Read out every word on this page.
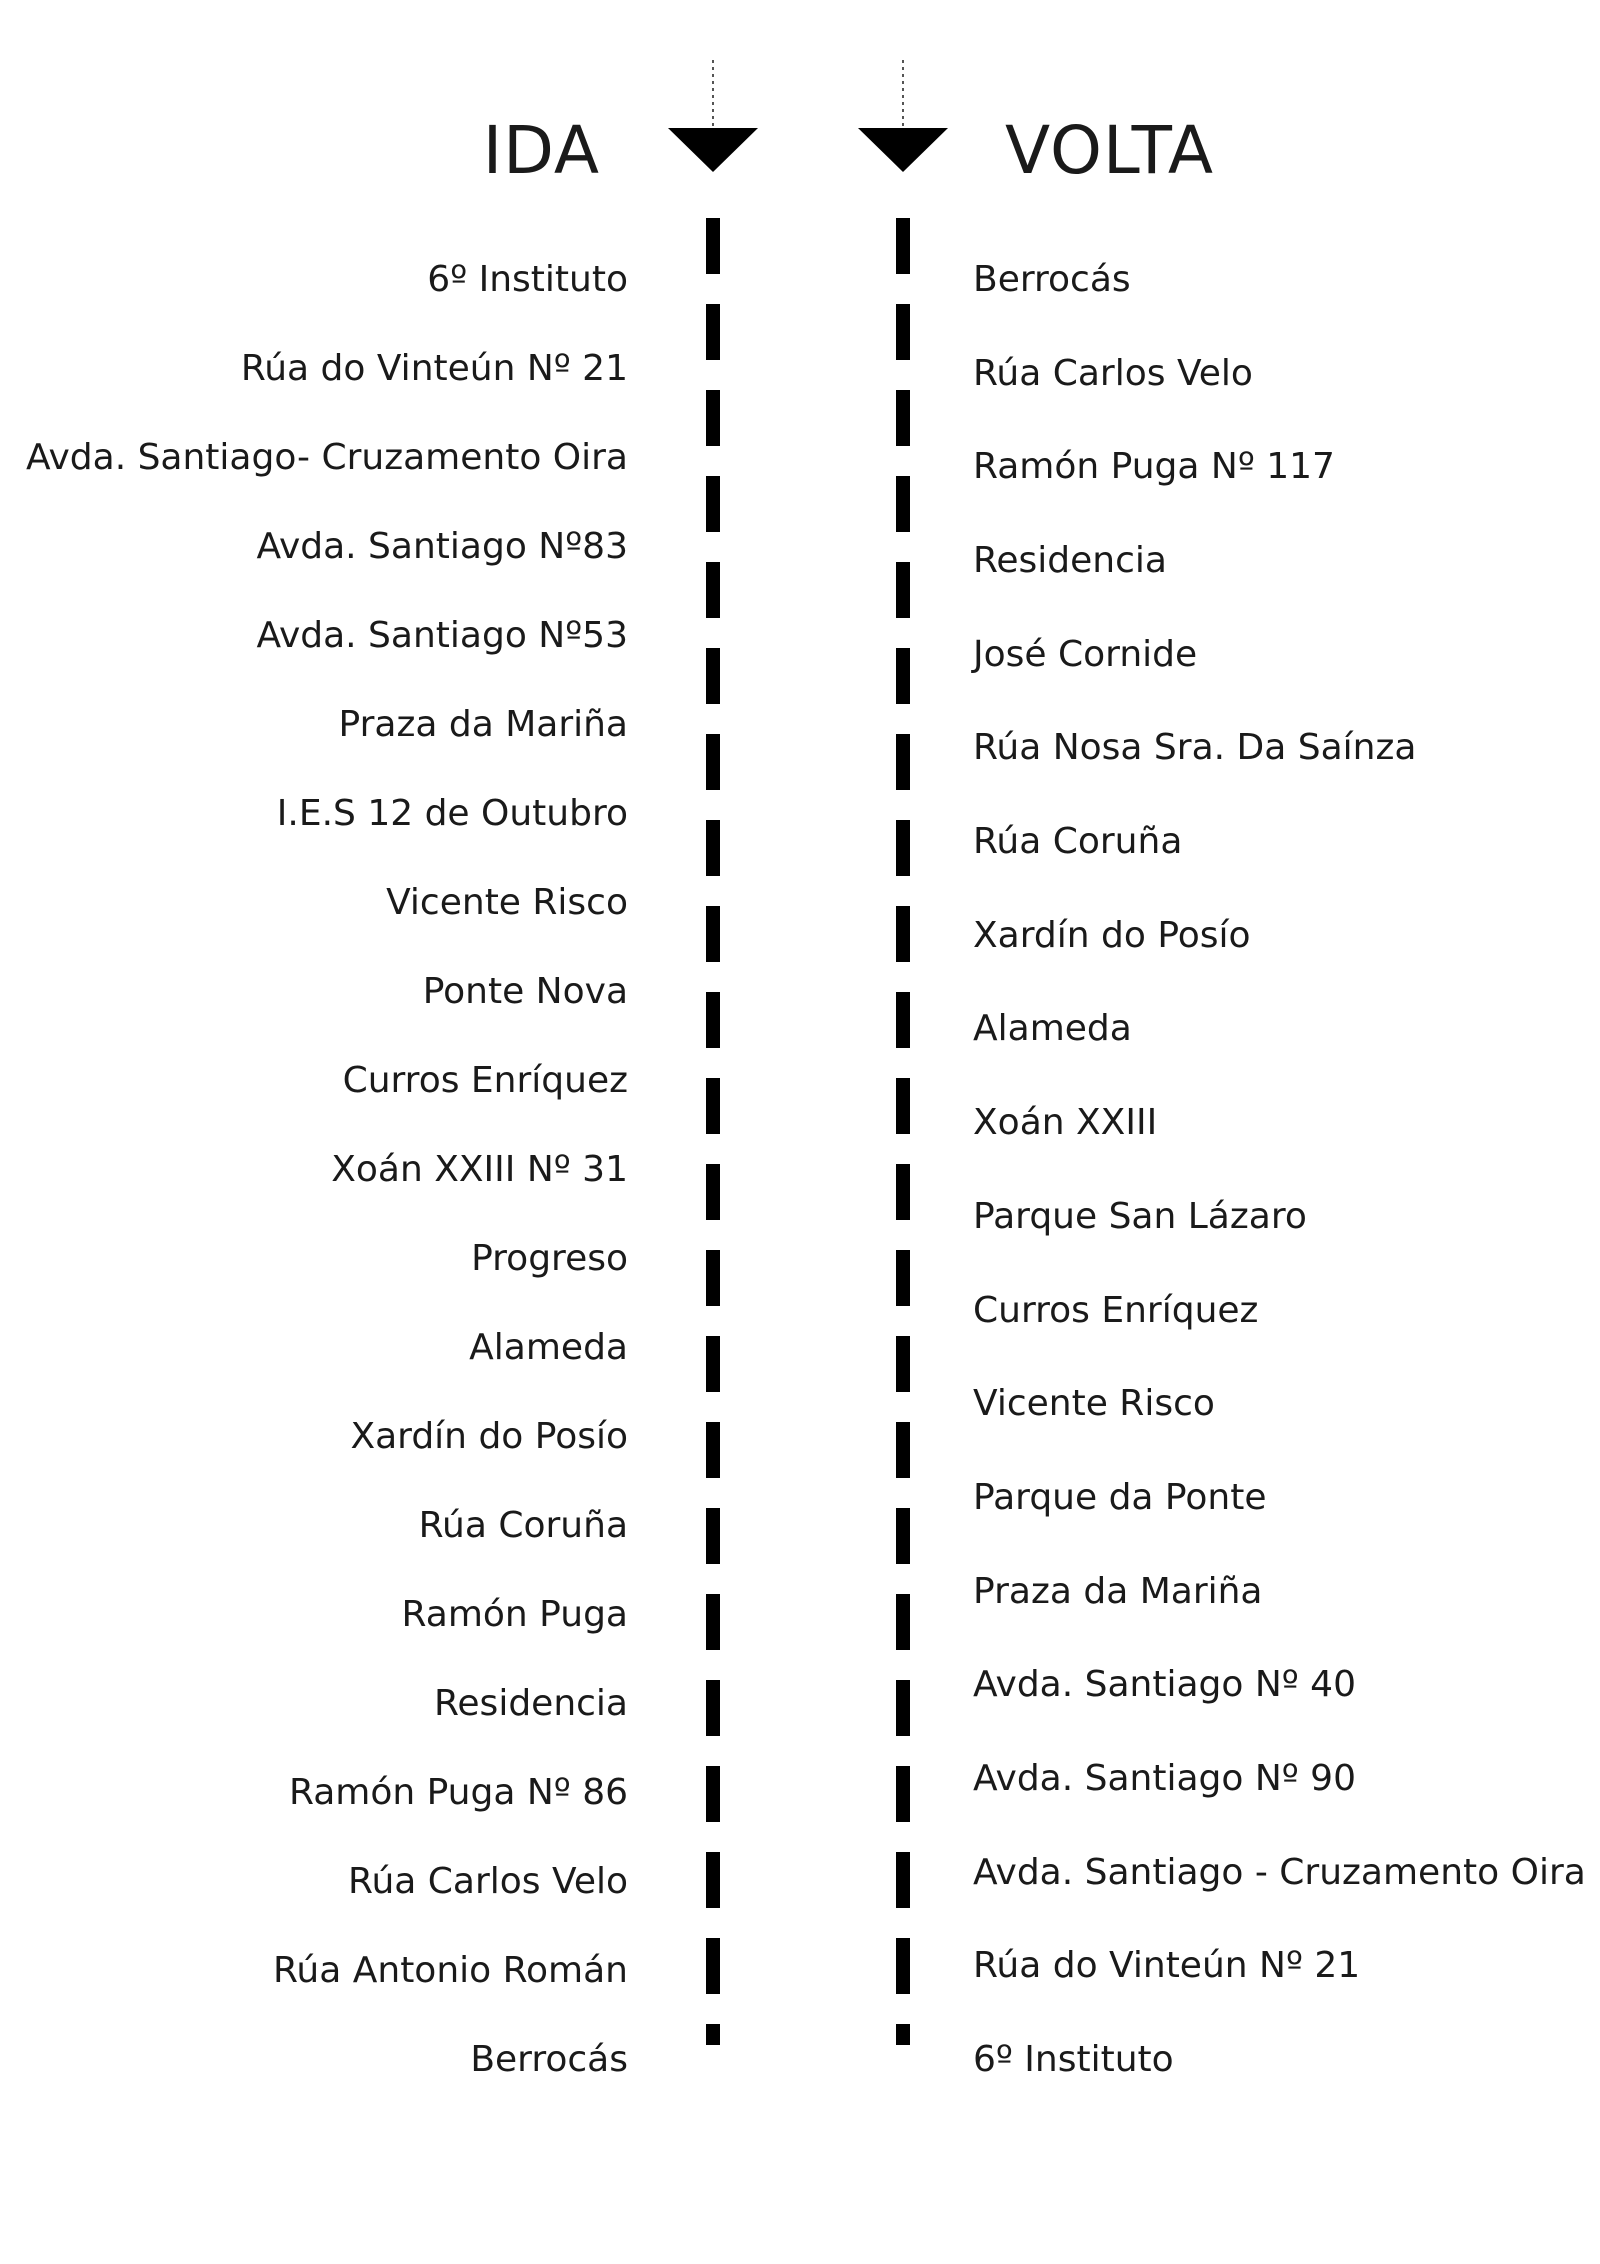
IDA	VOLTA
6º Instituto
Rúa do Vinteún Nº 21
Avda. Santiago- Cruzamento Oira
Avda. Santiago Nº83
Avda. Santiago Nº53
Praza da Mariña
I.E.S 12 de Outubro
Vicente Risco
Ponte Nova
Curros Enríquez
Xoán XXIII Nº 31
Progreso
Alameda
Xardín do Posío
Rúa Coruña
Ramón Puga
Residencia
Ramón Puga Nº 86
Rúa Carlos Velo
Rúa Antonio Román
Berrocás
Berrocás
Rúa Carlos Velo
Ramón Puga Nº 117
Residencia
José Cornide
Rúa Nosa Sra. Da Saínza
Rúa Coruña
Xardín do Posío
Alameda
Xoán XXIII
Parque San Lázaro
Curros Enríquez
Vicente Risco
Parque da Ponte
Praza da Mariña
Avda. Santiago Nº 40
Avda. Santiago Nº 90
Avda. Santiago - Cruzamento Oira
Rúa do Vinteún Nº 21
6º Instituto
